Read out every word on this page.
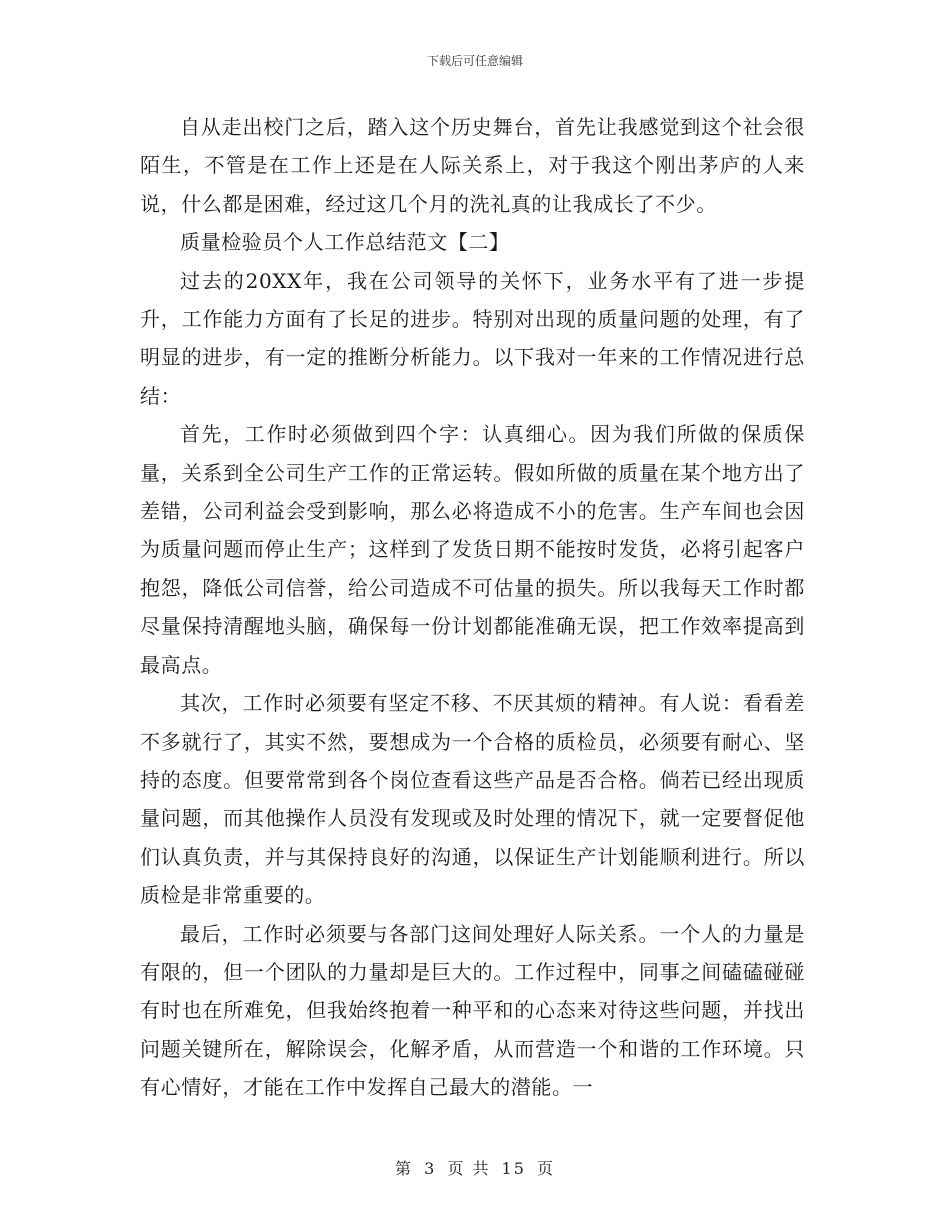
下载后可任意编辑

自从走出校门之后，踏入这个历史舞台，首先让我感觉到这个社会很陌生，不管是在工作上还是在人际关系上，对于我这个刚出茅庐的人来说，什么都是困难，经过这几个月的洗礼真的让我成长了不少。

质量检验员个人工作总结范文【二】

过去的20XX年，我在公司领导的关怀下，业务水平有了进一步提升，工作能力方面有了长足的进步。特别对出现的质量问题的处理，有了明显的进步，有一定的推断分析能力。以下我对一年来的工作情况进行总结：

首先，工作时必须做到四个字：认真细心。因为我们所做的保质保量，关系到全公司生产工作的正常运转。假如所做的质量在某个地方出了差错，公司利益会受到影响，那么必将造成不小的危害。生产车间也会因为质量问题而停止生产；这样到了发货日期不能按时发货，必将引起客户抱怨，降低公司信誉，给公司造成不可估量的损失。所以我每天工作时都尽量保持清醒地头脑，确保每一份计划都能准确无误，把工作效率提高到最高点。

其次，工作时必须要有坚定不移、不厌其烦的精神。有人说：看看差不多就行了，其实不然，要想成为一个合格的质检员，必须要有耐心、坚持的态度。但要常常到各个岗位查看这些产品是否合格。倘若已经出现质量问题，而其他操作人员没有发现或及时处理的情况下，就一定要督促他们认真负责，并与其保持良好的沟通，以保证生产计划能顺利进行。所以质检是非常重要的。

最后，工作时必须要与各部门这间处理好人际关系。一个人的力量是有限的，但一个团队的力量却是巨大的。工作过程中，同事之间磕磕碰碰有时也在所难免，但我始终抱着一种平和的心态来对待这些问题，并找出问题关键所在，解除误会，化解矛盾，从而营造一个和谐的工作环境。只有心情好，才能在工作中发挥自己最大的潜能。一

第 3 页 共 15 页
